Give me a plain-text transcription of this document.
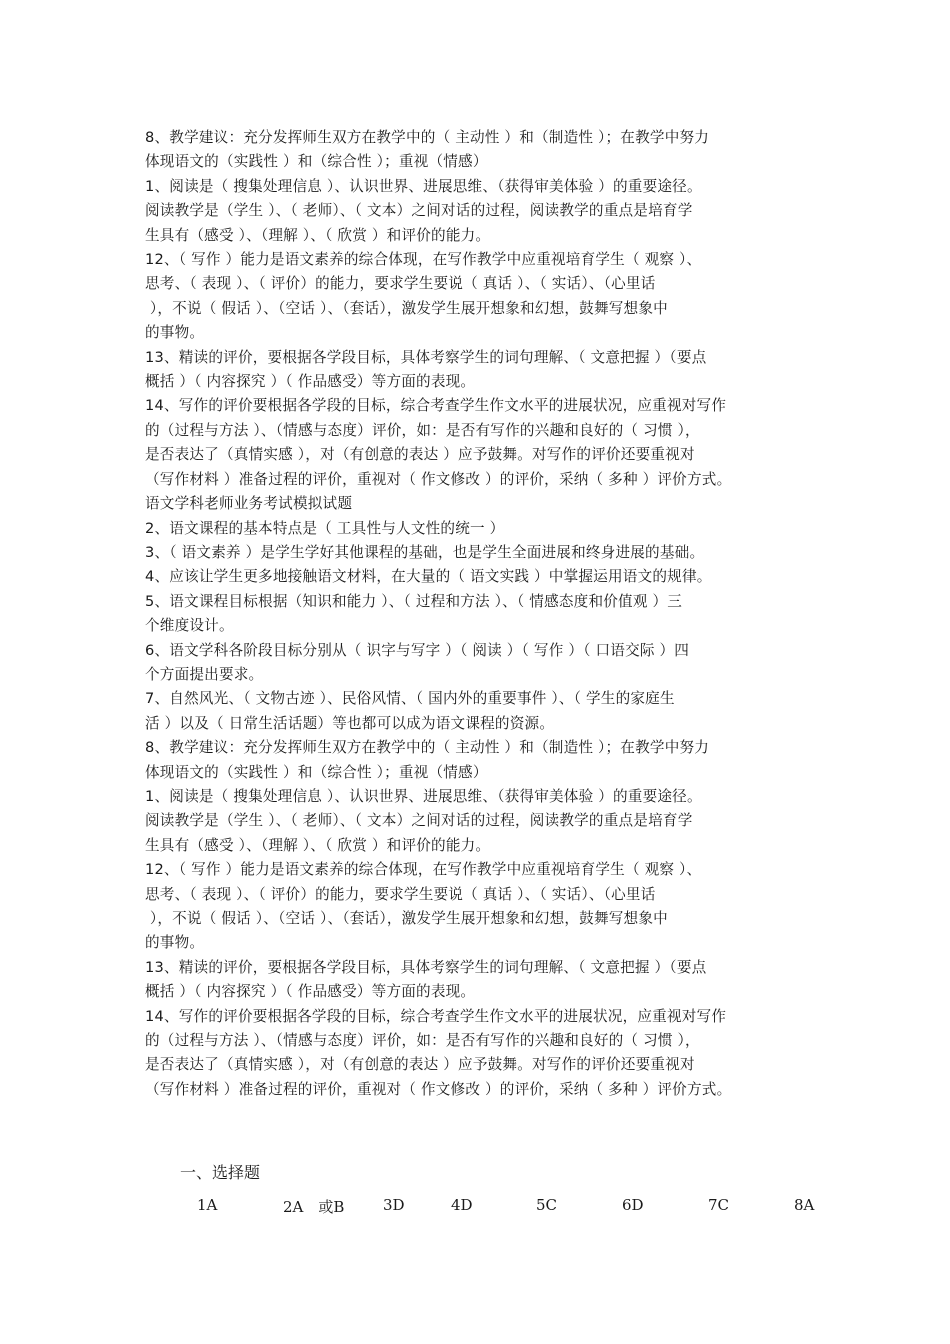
8、教学建议：充分发挥师生双方在教学中的（ 主动性 ）和（制造性 ）；在教学中努力
体现语文的（实践性 ）和（综合性 ）；重视（情感）

1、阅读是（ 搜集处理信息 ）、认识世界、进展思维、（获得审美体验 ）的重要途径。
阅读教学是（学生 ）、（ 老师）、（ 文本）之间对话的过程，阅读教学的重点是培育学
生具有（感受 ）、（理解 ）、（ 欣赏 ）和评价的能力。

12、（ 写作 ）能力是语文素养的综合体现，在写作教学中应重视培育学生（ 观察 ）、
思考、（ 表现 ）、（ 评价）的能力，要求学生要说（ 真话 ）、（ 实话）、（心里话
），不说（ 假话 ）、（空话 ）、（套话），激发学生展开想象和幻想，鼓舞写想象中
的事物。

13、精读的评价，要根据各学段目标，具体考察学生的词句理解、（ 文意把握 ）（要点
概括 ）（ 内容探究 ）（ 作品感受）等方面的表现。

14、写作的评价要根据各学段的目标，综合考查学生作文水平的进展状况，应重视对写作
的（过程与方法 ）、（情感与态度）评价，如：是否有写作的兴趣和良好的（ 习惯 ），
是否表达了（真情实感 ），对（有创意的表达 ）应予鼓舞。对写作的评价还要重视对
（写作材料 ）准备过程的评价，重视对（ 作文修改 ）的评价，采纳（ 多种 ）评价方式。

语文学科老师业务考试模拟试题

2、语文课程的基本特点是（ 工具性与人文性的统一 ）

3、（ 语文素养 ）是学生学好其他课程的基础，也是学生全面进展和终身进展的基础。

4、应该让学生更多地接触语文材料，在大量的（ 语文实践 ）中掌握运用语文的规律。

5、语文课程目标根据（知识和能力 ）、（ 过程和方法 ）、（ 情感态度和价值观 ）三
个维度设计。

6、语文学科各阶段目标分别从（ 识字与写字 ）（ 阅读 ）（ 写作 ）（ 口语交际 ）四
个方面提出要求。

7、自然风光、（ 文物古迹 ）、民俗风情、（ 国内外的重要事件 ）、（ 学生的家庭生
活 ）以及（ 日常生活话题）等也都可以成为语文课程的资源。

8、教学建议：充分发挥师生双方在教学中的（ 主动性 ）和（制造性 ）；在教学中努力
体现语文的（实践性 ）和（综合性 ）；重视（情感）

1、阅读是（ 搜集处理信息 ）、认识世界、进展思维、（获得审美体验 ）的重要途径。
阅读教学是（学生 ）、（ 老师）、（ 文本）之间对话的过程，阅读教学的重点是培育学
生具有（感受 ）、（理解 ）、（ 欣赏 ）和评价的能力。

12、（ 写作 ）能力是语文素养的综合体现，在写作教学中应重视培育学生（ 观察 ）、
思考、（ 表现 ）、（ 评价）的能力，要求学生要说（ 真话 ）、（ 实话）、（心里话
），不说（ 假话 ）、（空话 ）、（套话），激发学生展开想象和幻想，鼓舞写想象中
的事物。

13、精读的评价，要根据各学段目标，具体考察学生的词句理解、（ 文意把握 ）（要点
概括 ）（ 内容探究 ）（ 作品感受）等方面的表现。

14、写作的评价要根据各学段的目标，综合考查学生作文水平的进展状况，应重视对写作
的（过程与方法 ）、（情感与态度）评价，如：是否有写作的兴趣和良好的（ 习惯 ），
是否表达了（真情实感 ），对（有创意的表达 ）应予鼓舞。对写作的评价还要重视对
（写作材料 ）准备过程的评价，重视对（ 作文修改 ）的评价，采纳（ 多种 ）评价方式。

一、选择题
1A	2A　或B	3D	4D	5C	6D	7C	8A
